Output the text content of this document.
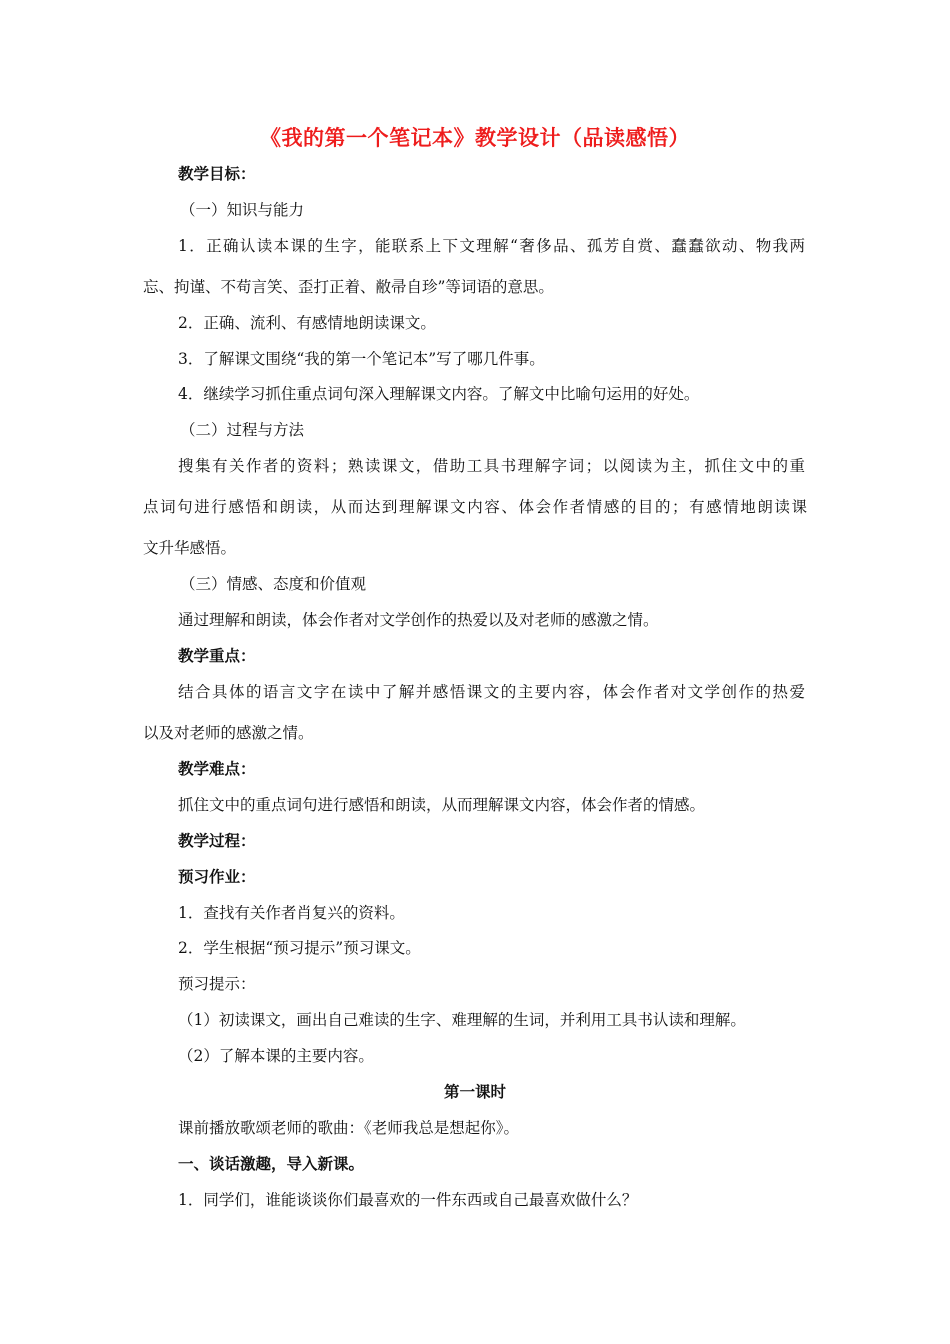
《我的第一个笔记本》教学设计（品读感悟）
教学目标：
（一）知识与能力
1．正确认读本课的生字，能联系上下文理解“奢侈品、孤芳自赏、蠢蠢欲动、物我两
忘、拘谨、不苟言笑、歪打正着、敝帚自珍”等词语的意思。
2．正确、流利、有感情地朗读课文。
3．了解课文围绕“我的第一个笔记本”写了哪几件事。
4．继续学习抓住重点词句深入理解课文内容。了解文中比喻句运用的好处。
（二）过程与方法
搜集有关作者的资料；熟读课文，借助工具书理解字词；以阅读为主，抓住文中的重
点词句进行感悟和朗读，从而达到理解课文内容、体会作者情感的目的；有感情地朗读课
文升华感悟。
（三）情感、态度和价值观
通过理解和朗读，体会作者对文学创作的热爱以及对老师的感激之情。
教学重点：
结合具体的语言文字在读中了解并感悟课文的主要内容，体会作者对文学创作的热爱
以及对老师的感激之情。
教学难点：
抓住文中的重点词句进行感悟和朗读，从而理解课文内容，体会作者的情感。
教学过程：
预习作业：
1．查找有关作者肖复兴的资料。
2．学生根据“预习提示”预习课文。
预习提示：
（1）初读课文，画出自己难读的生字、难理解的生词，并利用工具书认读和理解。
（2）了解本课的主要内容。
第一课时
课前播放歌颂老师的歌曲：《老师我总是想起你》。
一、谈话激趣，导入新课。
1．同学们，谁能谈谈你们最喜欢的一件东西或自己最喜欢做什么？
